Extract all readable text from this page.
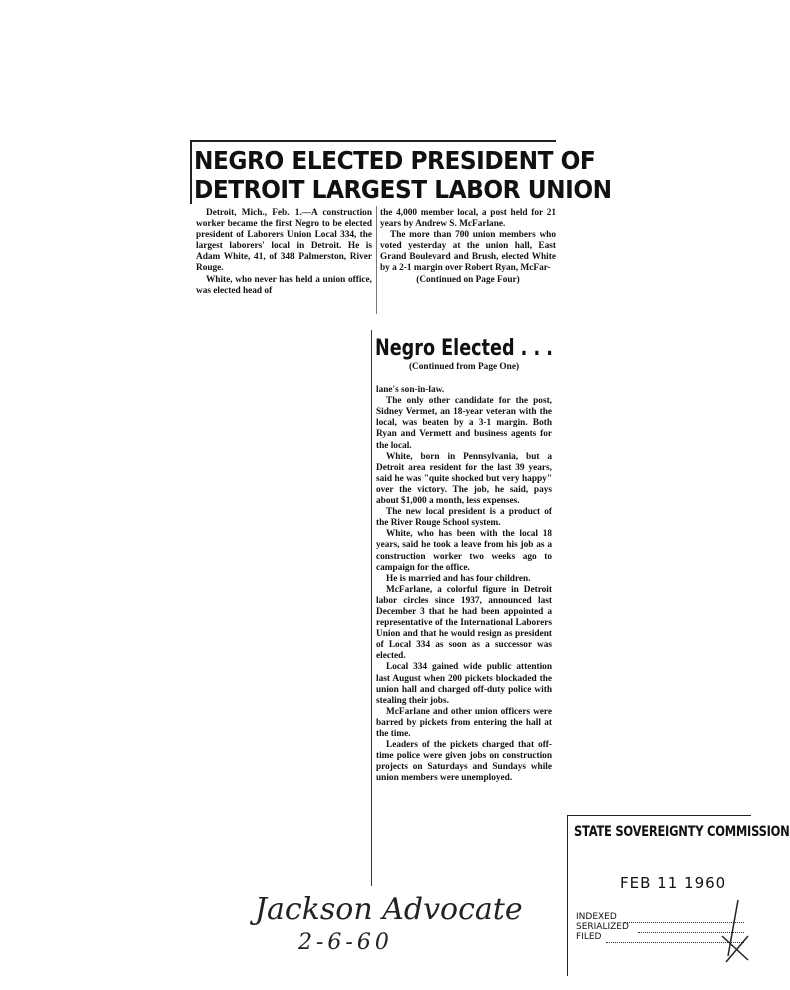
NEGRO ELECTED PRESIDENT OF
DETROIT LARGEST LABOR UNION

Detroit, Mich., Feb. 1.—A construction worker became the first Negro to be elected president of Laborers Union Local 334, the largest laborers' local in Detroit. He is Adam White, 41, of 348 Palmerston, River Rouge.

White, who never has held a union office, was elected head of

the 4,000 member local, a post held for 21 years by Andrew S. McFarlane.

The more than 700 union members who voted yesterday at the union hall, East Grand Boulevard and Brush, elected White by a 2-1 margin over Robert Ryan, McFar-

(Continued on Page Four)

Negro Elected . . .

(Continued from Page One)

lane's son-in-law.

The only other candidate for the post, Sidney Vermet, an 18-year veteran with the local, was beaten by a 3-1 margin. Both Ryan and Vermett and business agents for the local.

White, born in Pennsylvania, but a Detroit area resident for the last 39 years, said he was "quite shocked but very happy" over the victory. The job, he said, pays about $1,000 a month, less expenses.

The new local president is a product of the River Rouge School system.

White, who has been with the local 18 years, said he took a leave from his job as a construction worker two weeks ago to campaign for the office.

He is married and has four children.

McFarlane, a colorful figure in Detroit labor circles since 1937, announced last December 3 that he had been appointed a representative of the International Laborers Union and that he would resign as president of Local 334 as soon as a successor was elected.

Local 334 gained wide public attention last August when 200 pickets blockaded the union hall and charged off-duty police with stealing their jobs.

McFarlane and other union officers were barred by pickets from entering the hall at the time.

Leaders of the pickets charged that off-time police were given jobs on construction projects on Saturdays and Sundays while union members were unemployed.

Jackson Advocate
2-6-60
STATE SOVEREIGNTY COMMISSION
FEB 11 1960
INDEXED
SERIALIZED
FILED
